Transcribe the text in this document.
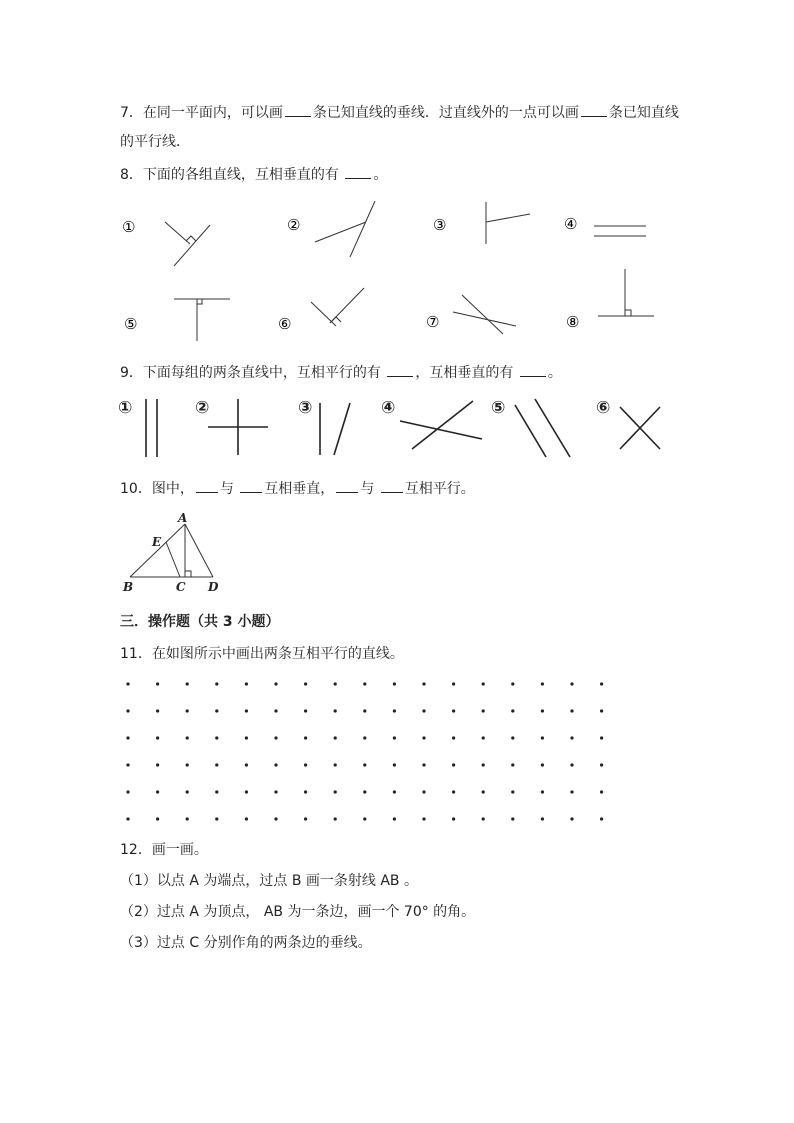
7．在同一平面内，可以画 条已知直线的垂线．过直线外的一点可以画 条已知直线
的平行线．
8．下面的各组直线，互相垂直的有 。
①	②	③	④
⑤	⑥	⑦	⑧
9．下面每组的两条直线中，互相平行的有 ，互相垂直的有 。
①	②	③	④	⑤	⑥
10．图中， 与 互相垂直， 与 互相平行。
A
E
B	C D
三．操作题（共 3 小题）
11．在如图所示中画出两条互相平行的直线。
12．画一画。
（1）以点 A 为端点，过点 B 画一条射线 AB 。
（2）过点 A 为顶点， AB 为一条边，画一个 70° 的角。
（3）过点 C 分别作角的两条边的垂线。
